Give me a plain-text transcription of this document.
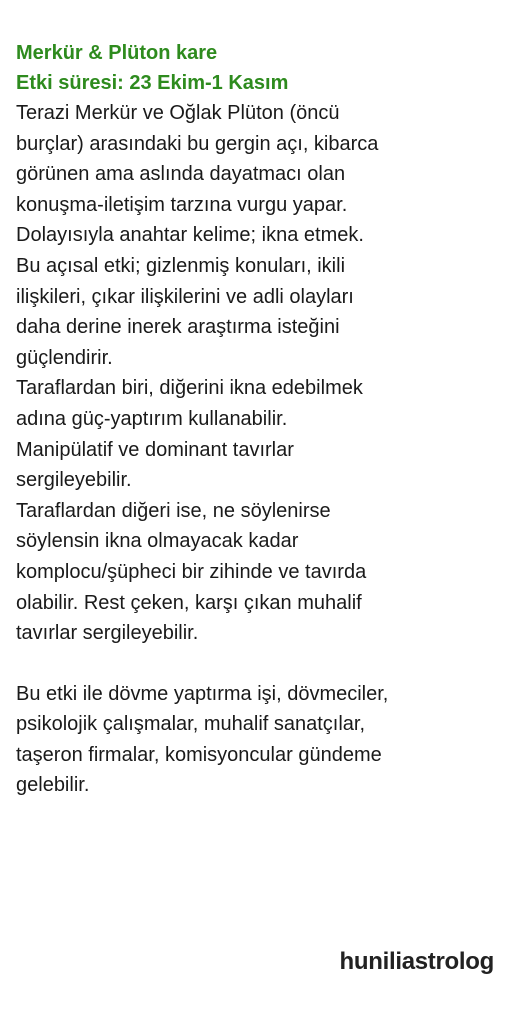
Merkür & Plüton kare

Etki süresi: 23 Ekim-1 Kasım

Terazi Merkür ve Oğlak Plüton (öncü

burçlar) arasındaki bu gergin açı, kibarca

görünen ama aslında dayatmacı olan

konuşma-iletişim tarzına vurgu yapar.

Dolayısıyla anahtar kelime; ikna etmek.

Bu açısal etki; gizlenmiş konuları, ikili

ilişkileri, çıkar ilişkilerini ve adli olayları

daha derine inerek araştırma isteğini

güçlendirir.

Taraflardan biri, diğerini ikna edebilmek

adına güç-yaptırım kullanabilir.

Manipülatif ve dominant tavırlar

sergileyebilir.

Taraflardan diğeri ise, ne söylenirse

söylensin ikna olmayacak kadar

komplocu/şüpheci bir zihinde ve tavırda

olabilir. Rest çeken, karşı çıkan muhalif

tavırlar sergileyebilir.

Bu etki ile dövme yaptırma işi, dövmeciler,

psikolojik çalışmalar, muhalif sanatçılar,

taşeron firmalar, komisyoncular gündeme

gelebilir.

huniliastrolog
